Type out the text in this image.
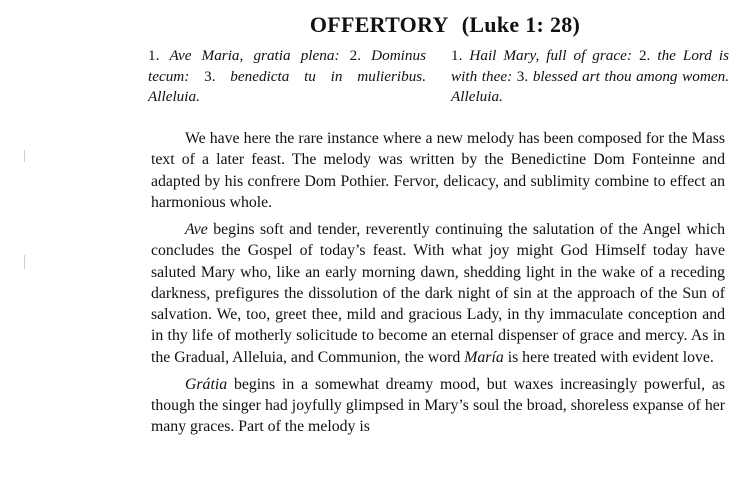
OFFERTORY (Luke 1: 28)
1. Ave Maria, gratia plena: 2. Dominus tecum: 3. benedicta tu in mulieribus. Alleluia.
1. Hail Mary, full of grace: 2. the Lord is with thee: 3. blessed art thou among women. Alleluia.

We have here the rare instance where a new melody has been composed for the Mass text of a later feast. The melody was written by the Benedictine Dom Fonteinne and adapted by his confrere Dom Pothier. Fervor, delicacy, and sublimity combine to effect an harmonious whole.

Ave begins soft and tender, reverently continuing the salutation of the Angel which concludes the Gospel of today’s feast. With what joy might God Himself today have saluted Mary who, like an early morning dawn, shedding light in the wake of a receding darkness, prefigures the dissolution of the dark night of sin at the approach of the Sun of salvation. We, too, greet thee, mild and gracious Lady, in thy immaculate conception and in thy life of motherly solicitude to become an eternal dispenser of grace and mercy. As in the Gradual, Alleluia, and Communion, the word María is here treated with evident love.

Grátia begins in a somewhat dreamy mood, but waxes increasingly powerful, as though the singer had joyfully glimpsed in Mary’s soul the broad, shoreless expanse of her many graces. Part of the melody is
